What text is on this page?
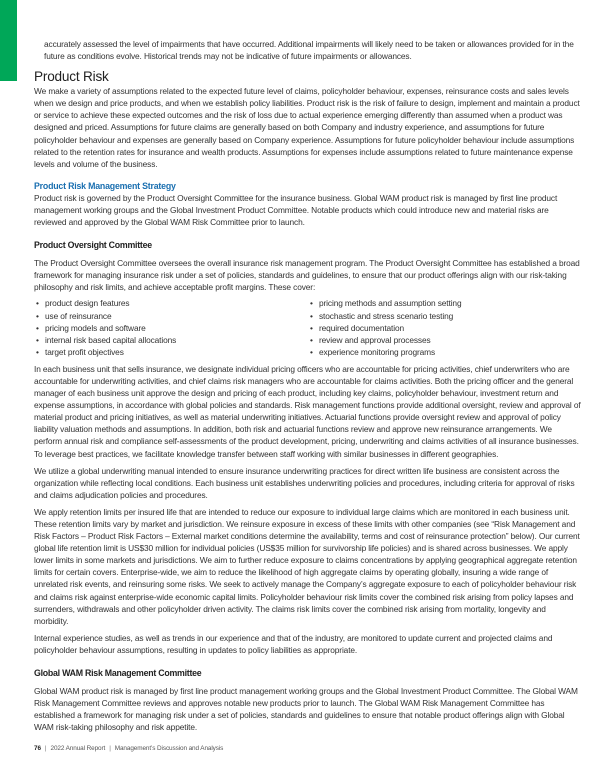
accurately assessed the level of impairments that have occurred. Additional impairments will likely need to be taken or allowances provided for in the future as conditions evolve. Historical trends may not be indicative of future impairments or allowances.

Product Risk

We make a variety of assumptions related to the expected future level of claims, policyholder behaviour, expenses, reinsurance costs and sales levels when we design and price products, and when we establish policy liabilities. Product risk is the risk of failure to design, implement and maintain a product or service to achieve these expected outcomes and the risk of loss due to actual experience emerging differently than assumed when a product was designed and priced. Assumptions for future claims are generally based on both Company and industry experience, and assumptions for future policyholder behaviour and expenses are generally based on Company experience. Assumptions for future policyholder behaviour include assumptions related to the retention rates for insurance and wealth products. Assumptions for expenses include assumptions related to future maintenance expense levels and volume of the business.

Product Risk Management Strategy

Product risk is governed by the Product Oversight Committee for the insurance business. Global WAM product risk is managed by first line product management working groups and the Global Investment Product Committee. Notable products which could introduce new and material risks are reviewed and approved by the Global WAM Risk Committee prior to launch.

Product Oversight Committee

The Product Oversight Committee oversees the overall insurance risk management program. The Product Oversight Committee has established a broad framework for managing insurance risk under a set of policies, standards and guidelines, to ensure that our product offerings align with our risk-taking philosophy and risk limits, and achieve acceptable profit margins. These cover:

• product design features
• use of reinsurance
• pricing models and software
• internal risk based capital allocations
• target profit objectives
• pricing methods and assumption setting
• stochastic and stress scenario testing
• required documentation
• review and approval processes
• experience monitoring programs

In each business unit that sells insurance, we designate individual pricing officers who are accountable for pricing activities, chief underwriters who are accountable for underwriting activities, and chief claims risk managers who are accountable for claims activities. Both the pricing officer and the general manager of each business unit approve the design and pricing of each product, including key claims, policyholder behaviour, investment return and expense assumptions, in accordance with global policies and standards. Risk management functions provide additional oversight, review and approval of material product and pricing initiatives, as well as material underwriting initiatives. Actuarial functions provide oversight review and approval of policy liability valuation methods and assumptions. In addition, both risk and actuarial functions review and approve new reinsurance arrangements. We perform annual risk and compliance self-assessments of the product development, pricing, underwriting and claims activities of all insurance businesses. To leverage best practices, we facilitate knowledge transfer between staff working with similar businesses in different geographies.

We utilize a global underwriting manual intended to ensure insurance underwriting practices for direct written life business are consistent across the organization while reflecting local conditions. Each business unit establishes underwriting policies and procedures, including criteria for approval of risks and claims adjudication policies and procedures.

We apply retention limits per insured life that are intended to reduce our exposure to individual large claims which are monitored in each business unit. These retention limits vary by market and jurisdiction. We reinsure exposure in excess of these limits with other companies (see “Risk Management and Risk Factors – Product Risk Factors – External market conditions determine the availability, terms and cost of reinsurance protection” below). Our current global life retention limit is US$30 million for individual policies (US$35 million for survivorship life policies) and is shared across businesses. We apply lower limits in some markets and jurisdictions. We aim to further reduce exposure to claims concentrations by applying geographical aggregate retention limits for certain covers. Enterprise-wide, we aim to reduce the likelihood of high aggregate claims by operating globally, insuring a wide range of unrelated risk events, and reinsuring some risks. We seek to actively manage the Company’s aggregate exposure to each of policyholder behaviour risk and claims risk against enterprise-wide economic capital limits. Policyholder behaviour risk limits cover the combined risk arising from policy lapses and surrenders, withdrawals and other policyholder driven activity. The claims risk limits cover the combined risk arising from mortality, longevity and morbidity.

Internal experience studies, as well as trends in our experience and that of the industry, are monitored to update current and projected claims and policyholder behaviour assumptions, resulting in updates to policy liabilities as appropriate.

Global WAM Risk Management Committee

Global WAM product risk is managed by first line product management working groups and the Global Investment Product Committee. The Global WAM Risk Management Committee reviews and approves notable new products prior to launch. The Global WAM Risk Management Committee has established a framework for managing risk under a set of policies, standards and guidelines to ensure that notable product offerings align with Global WAM risk-taking philosophy and risk appetite.

76 | 2022 Annual Report | Management’s Discussion and Analysis
